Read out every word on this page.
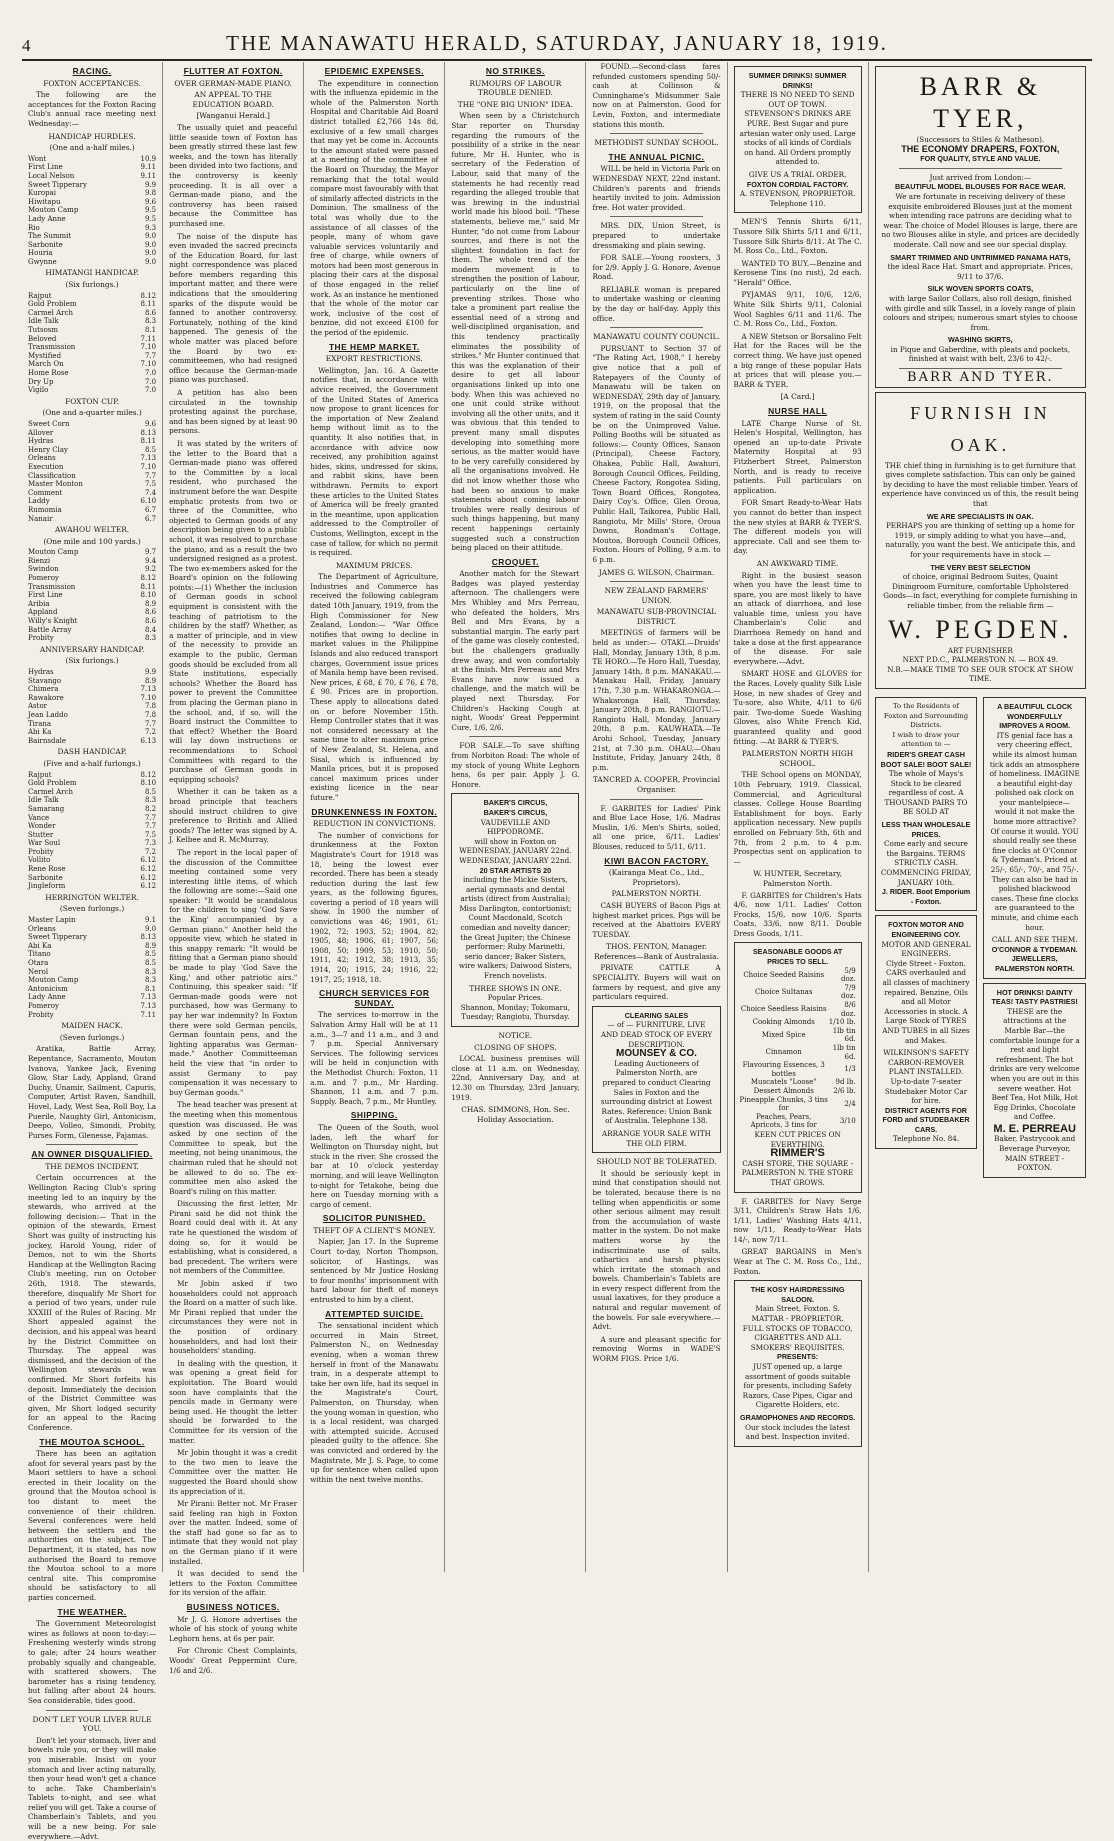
4	THE MANAWATU HERALD, SATURDAY, JANUARY 18, 1919.
RACING.
FOXTON ACCEPTANCES.

The following are the acceptances for the Foxton Racing Club's annual race meeting next Wednesday:—

HANDICAP HURDLES.
(One and a-half miles.)
Wont	10.9
First Line	9.11
Local Nelson	9.11
Sweet Tipperary	9.9
Kuropai	9.8
Hiwitapu	9.6
Mouton Camp	9.5
Lady Anne	9.5
Rio	9.3
The Summit	9.0
Sarbonite	9.0
Houria	9.0
Gwynne	9.0
HIMATANGI HANDICAP.
(Six furlongs.)
Rajput	8.12
Gold Problem	8.11
Carmel Arch	8.6
Idle Talk	8.3
Tutsosm	8.1
Beloved	7.11
Transmission	7.10
Mystified	7.7
March On	7.10
Home Rose	7.0
Dry Up	7.0
Vigilo	7.0
FOXTON CUP.
(One and a-quarter miles.)
Sweet Corn	9.6
Allover	8.13
Hydras	8.11
Henry Clay	8.5
Orleans	7.13
Execution	7.10
Classification	7.7
Master Monton	7.5
Comment	7.4
Laddy	6.10
Rumomia	6.7
Nanair	6.7
AWAHOU WELTER.
(One mile and 100 yards.)
Mouton Camp	9.7
Rienzi	9.4
Swindon	9.2
Pomeroy	8.12
Transmission	8.11
First Line	8.10
Aribia	8.9
Appland	8.6
Willy's Knight	8.6
Battle Array	8.4
Probity	8.3
ANNIVERSARY HANDICAP.
(Six furlongs.)
Hydras	9.9
Stavango	8.9
Chimera	7.13
Rawakore	7.10
Astor	7.8
Jean Laddo	7.8
Tirana	7.7
Abi Ka	7.2
Bairnsdale	6.13
DASH HANDICAP.
(Five and a-half furlongs.)
Rajput	8.12
Gold Problem	8.10
Carmel Arch	8.5
Idle Talk	8.3
Samarang	8.2
Vance	7.7
Wonder	7.7
Stutter	7.5
War Soul	7.3
Probity	7.2
Vollito	6.12
Rene Rose	6.12
Sarbonite	6.12
Jingleform	6.12
HERRINGTON WELTER.
(Seven furlongs.)
Master Lapin	9.1
Orleans	9.0
Sweet Tipperary	8.13
Abi Ka	8.9
Titano	8.5
Otara	8.5
Nerol	8.3
Mouton Camp	8.3
Antonicism	8.1
Lady Anne	7.13
Pomeroy	7.13
Probity	7.11
MAIDEN HACK.
(Seven furlongs.)

Aratika, Battle Array, Repentance, Sacramento, Mouton Ivanova, Yankee Jack, Evening Glow, Star Lady, Appland, Grand Duchy, Unamir, Sailment, Capuris, Computer, Artist Raven, Sandhill, Hovel, Lady, West Sea, Roll Boy, La Puerile, Naughty Girl, Antonicism, Deepo, Volleo, Simondi, Probity, Purses Form, Glenesse, Pajamas.

AN OWNER DISQUALIFIED.
THE DEMOS INCIDENT.

Certain occurrences at the Wellington Racing Club's spring meeting led to an inquiry by the stewards, who arrived at the following decision:— That in the opinion of the stewards, Ernest Short was guilty of instructing his jockey, Harold Young, rider of Demos, not to win the Shorts Handicap at the Wellington Racing Club's meeting, run on October 26th, 1918. The stewards, therefore, disqualify Mr Short for a period of two years, under rule XXXIII of the Rules of Racing. Mr Short appealed against the decision, and his appeal was heard by the District Committee on Thursday. The appeal was dismissed, and the decision of the Wellington stewards was confirmed. Mr Short forfeits his deposit. Immediately the decision of the District Committee was given, Mr Short lodged security for an appeal to the Racing Conference.

THE MOUTOA SCHOOL.

There has been an agitation afoot for several years past by the Maori settlers to have a school erected in their locality on the ground that the Moutoa school is too distant to meet the convenience of their children. Several conferences were held between the settlers and the authorities on the subject. The Department, it is stated, has now authorised the Board to remove the Moutoa school to a more central site. This compromise should be satisfactory to all parties concerned.

THE WEATHER.

The Government Meteorologist wires as follows at noon to-day:— Freshening westerly winds strong to gale; after 24 hours weather probably squally and changeable, with scattered showers. The barometer has a rising tendency, but falling after about 24 hours. Sea considerable, tides good.

DON'T LET YOUR LIVER RULE YOU.

Don't let your stomach, liver and bowels rule you, or they will make you miserable. Insist on your stomach and liver acting naturally, then your head won't get a chance to ache. Take Chamberlain's Tablets to-night, and see what relief you will get. Take a course of Chamberlain's Tablets, and you will be a new being. For sale everywhere.—Advt.

FLUTTER AT FOXTON.
OVER GERMAN-MADE PIANO.
AN APPEAL TO THE EDUCATION BOARD.
[Wanganui Herald.]

The usually quiet and peaceful little seaside town of Foxton has been greatly stirred these last few weeks, and the town has literally been divided into two factions, and the controversy is keenly proceeding. It is all over a German-made piano, and the controversy has been raised because the Committee has purchased one.

The noise of the dispute has even invaded the sacred precincts of the Education Board, for last night correspondence was placed before members regarding this important matter, and there were indications that the smouldering sparks of the dispute would be fanned to another controversy. Fortunately, nothing of the kind happened. The genesis of the whole matter was placed before the Board by two ex-committeemen, who had resigned office because the German-made piano was purchased.

A petition has also been circulated in the township protesting against the purchase, and has been signed by at least 90 persons.

It was stated by the writers of the letter to the Board that a German-made piano was offered to the Committee by a local resident, who purchased the instrument before the war. Despite emphatic protests from two or three of the Committee, who objected to German goods of any description being given to a public school, it was resolved to purchase the piano, and as a result the two undersigned resigned as a protest. The two ex-members asked for the Board's opinion on the following points:—(1) Whether the inclusion of German goods in school equipment is consistent with the teaching of patriotism to the children by the staff? Whether, as a matter of principle, and in view of the necessity to provide an example to the public, German goods should be excluded from all State institutions, especially schools? Whether the Board has power to prevent the Committee from placing the German piano in the school, and, if so, will the Board instruct the Committee to that effect? Whether the Board will lay down instructions or recommendations to School Committees with regard to the purchase of German goods in equipping schools?

Whether it can be taken as a broad principle that teachers should instruct children to give preference to British and Allied goods? The letter was signed by A. J. Kelbee and R. McMurray.

The report in the local paper of the discussion of the Committee meeting contained some very interesting little items, of which the following are some:—Said one speaker: "It would be scandalous for the children to sing 'God Save the King' accompanied by a German piano." Another held the opposite view, which he stated in this snappy remark: "It would be fitting that a German piano should be made to play 'God Save the King,' and other patriotic airs." Continuing, this speaker said: "If German-made goods were not purchased, how was Germany to pay her war indemnity? In Foxton there were sold German pencils, German fountain pens, and the lighting apparatus was German-made." Another Committeeman held the view that "in order to assist Germany to pay compensation it was necessary to buy German goods."

The head teacher was present at the meeting when this momentous question was discussed. He was asked by one section of the Committee to speak, but the meeting, not being unanimous, the chairman ruled that he should not be allowed to do so. The ex-committee men also asked the Board's ruling on this matter.

Discussing the first letter, Mr Pirani said he did not think the Board could deal with it. At any rate he questioned the wisdom of doing so, for it would be establishing, what is considered, a bad precedent. The writers were not members of the Committee.

Mr Jobin asked if two householders could not approach the Board on a matter of such like. Mr Pirani replied that under the circumstances they were not in the position of ordinary householders, and had lost their householders' standing.

In dealing with the question, it was opening a great field for exploitation. The Board would soon have complaints that the pencils made in Germany were being used. He thought the letter should be forwarded to the Committee for its version of the matter.

Mr Jobin thought it was a credit to the two men to leave the Committee over the matter. He suggested the Board should show its appreciation of it.

Mr Pirani: Better not. Mr Fraser said feeling ran high in Foxton over the matter. Indeed, some of the staff had gone so far as to intimate that they would not play on the German piano if it were installed.

It was decided to send the letters to the Foxton Committee for its version of the affair.

BUSINESS NOTICES.

Mr J. G. Honore advertises the whole of his stock of young white Leghorn hens, at 6s per pair.

For Chronic Chest Complaints, Woods' Great Peppermint Cure, 1/6 and 2/6.

EPIDEMIC EXPENSES.

The expenditure in connection with the influenza epidemic in the whole of the Palmerston North Hospital and Charitable Aid Board district totalled £2,766 14s 8d, exclusive of a few small charges that may yet be come in. Accounts to the amount stated were passed at a meeting of the committee of the Board on Thursday, the Mayor remarking that the total would compare most favourably with that of similarly affected districts in the Dominion. The smallness of the total was wholly due to the assistance of all classes of the people, many of whom gave valuable services voluntarily and free of charge, while owners of motors had been most generous in placing their cars at the disposal of those engaged in the relief work. As an instance he mentioned that the whole of the motor car work, inclusive of the cost of benzine, did not exceed £100 for the period of the epidemic.

THE HEMP MARKET.
EXPORT RESTRICTIONS.

Wellington, Jan. 16. A Gazette notifies that, in accordance with advice received, the Government of the United States of America now propose to grant licences for the importation of New Zealand hemp without limit as to the quantity. It also notifies that, in accordance with advice now received, any prohibition against hides, skins, undressed for skins, and rabbit skins, have been withdrawn. Permits to export these articles to the United States of America will be freely granted in the meantime, upon application addressed to the Comptroller of Customs, Wellington, except in the case of tallow, for which no permit is required.

MAXIMUM PRICES.

The Department of Agriculture, Industries and Commerce has received the following cablegram dated 10th January, 1919, from the High Commissioner for New Zealand, London:— "War Office notifies that owing to decline in market values in the Philippine Islands and also reduced transport charges, Government issue prices of Manila hemp have been revised. New prices, £ 68, £ 70, £ 76, £ 78, £ 90. Prices are in proportion. These apply to allocations dated on or before November 15th. Hemp Controller states that it was not considered necessary at the same time to alter maximum price of New Zealand, St. Helena, and Sisal, which is influenced by Manila prices, but it is proposed cancel maximum prices under existing licence in the near future."

DRUNKENNESS IN FOXTON.
REDUCTION IN CONVICTIONS.

The number of convictions for drunkenness at the Foxton Magistrate's Court for 1918 was 18, being the lowest ever recorded. There has been a steady reduction during the last few years, as the following figures, covering a period of 18 years will show. In 1900 the number of convictions was 46; 1901, 61; 1902, 72; 1903, 52; 1904, 82; 1905, 48; 1906, 61; 1907, 56; 1908, 50; 1909, 53; 1910, 50; 1911, 42; 1912, 38; 1913, 35; 1914, 20; 1915, 24; 1916, 22; 1917, 25; 1918, 18.

CHURCH SERVICES FOR SUNDAY.

The services to-morrow in the Salvation Army Hall will be at 11 a.m., 3—7 and 11 a.m., and 3 and 7 p.m. Special Anniversary Services. The following services will be held in conjunction with the Methodist Church: Foxton, 11 a.m. and 7 p.m., Mr Harding. Shannon, 11 a.m. and 7 p.m. Supply. Beach, 7 p.m., Mr Huntley.

SHIPPING.

The Queen of the South, wool laden, left the wharf for Wellington on Thursday night, but stuck in the river. She crossed the bar at 10 o'clock yesterday morning, and will leave Wellington to-night for Tetakohe, being due here on Tuesday morning with a cargo of cement.

SOLICITOR PUNISHED.
THEFT OF A CLIENT'S MONEY.

Napier, Jan 17. In the Supreme Court to-day, Norton Thompson, solicitor, of Hastings, was sentenced by Mr Justice Hosking to four months' imprisonment with hard labour for theft of moneys entrusted to him by a client.

ATTEMPTED SUICIDE.

The sensational incident which occurred in Main Street, Palmerston N., on Wednesday evening, when a woman threw herself in front of the Manawatu train, in a desperate attempt to take her own life, had its sequel in the Magistrate's Court, Palmerston, on Thursday, when the young woman in question, who is a local resident, was charged with attempted suicide. Accused pleaded guilty to the offence. She was convicted and ordered by the Magistrate, Mr J. S. Page, to come up for sentence when called upon within the next twelve months.

NO STRIKES.
RUMOURS OF LABOUR TROUBLE DENIED.
THE "ONE BIG UNION" IDEA.

When seen by a Christchurch Star reporter on Thursday regarding the rumours of the possibility of a strike in the near future, Mr H. Hunter, who is secretary of the Federation of Labour, said that many of the statements he had recently read regarding the alleged trouble that was brewing in the industrial world made his blood boil. "These statements, believe me," said Mr Hunter, "do not come from Labour sources, and there is not the slightest foundation in fact for them. The whole trend of the modern movement is to strengthen the position of Labour, particularly on the line of preventing strikes. Those who take a prominent part realise the essential need of a strong and well-disciplined organisation, and this tendency practically eliminates the possibility of strikes." Mr Hunter continued that this was the explanation of their desire to get all labour organisations linked up into one body. When this was achieved no one unit could strike without involving all the other units, and it was obvious that this tended to prevent many small disputes developing into something more serious, as the matter would have to be very carefully considered by all the organisations involved. He did not know whether those who had been so anxious to make statements about coming labour troubles were really desirous of such things happening, but many recent happenings certainly suggested such a construction being placed on their attitude.

CROQUET.

Another match for the Stewart Badges was played yesterday afternoon. The challengers were Mrs Whibley and Mrs Perreau, who defeated the holders, Mrs Bell and Mrs Evans, by a substantial margin. The early part of the game was closely contested, but the challengers gradually drew away, and won comfortably at the finish. Mrs Perreau and Mrs Evans have now issued a challenge, and the match will be played next Thursday. For Children's Hacking Cough at night, Woods' Great Peppermint Cure, 1/6, 2/6.

FOR SALE.—To save shifting from Norbiton Road: The whole of my stock of young White Leghorn hens, 6s per pair. Apply J. G. Honore.

BAKER'S CIRCUS,
BAKER'S CIRCUS,
VAUDEVILLE AND HIPPODROME.
will show in Foxton on
WEDNESDAY, JANUARY 22nd. WEDNESDAY, JANUARY 22nd.
20 STAR ARTISTS 20

including the Mickie Sisters, aerial gymnasts and dental artists (direct from Australia); Miss Darlington, contortionist; Count Macdonald, Scotch comedian and novelty dancer; the Great Jupiter; the Chinese performer; Ruby Marinetti, serio dancer; Baker Sisters, wire walkers; Daiwood Sisters, French novelists.

THREE SHOWS IN ONE.
Popular Prices.
Shannon, Monday; Tokomaru, Tuesday; Rangiotu, Thursday.
NOTICE.
CLOSING OF SHOPS.

LOCAL business premises will close at 11 a.m. on Wednesday, 22nd, Anniversary Day, and at 12.30 on Thursday, 23rd January, 1919.

CHAS. SIMMONS, Hon. Sec. Holiday Association.

FOUND.—Second-class fares refunded customers spending 50/- cash at Collinson & Cunninghame's Midsummer Sale now on at Palmerston. Good for Levin, Foxton, and intermediate stations this month.

METHODIST SUNDAY SCHOOL.
THE ANNUAL PICNIC.

WILL be held in Victoria Park on WEDNESDAY NEXT, 22nd instant. Children's parents and friends heartily invited to join. Admission free. Hot water provided.

MRS. DIX, Union Street, is prepared to undertake dressmaking and plain sewing.

FOR SALE.—Young roosters, 3 for 2/9. Apply J. G. Honore, Avenue Road.

RELIABLE woman is prepared to undertake washing or cleaning by the day or half-day. Apply this office.

MANAWATU COUNTY COUNCIL.

PURSUANT to Section 37 of "The Rating Act, 1908," I hereby give notice that a poll of Ratepayers of the County of Manawatu will be taken on WEDNESDAY, 29th day of January, 1919, on the proposal that the system of rating in the said County be on the Unimproved Value. Polling Booths will be situated as follows:— County Offices, Sanson (Principal), Cheese Factory, Ohakea, Public Hall, Awahuri, Borough Council Offices, Feilding, Cheese Factory, Rongotea Siding, Town Board Offices, Rongotea, Dairy Coy's. Office, Glen Oroua, Public Hall, Taikorea, Public Hall, Rangiotu, Mr Mills' Store, Oroua Downs, Roadman's Cottage, Moutoa, Borough Council Offices, Foxton. Hours of Polling, 9 a.m. to 6 p.m.

JAMES G. WILSON, Chairman.
NEW ZEALAND FARMERS' UNION.
MANAWATU SUB-PROVINCIAL DISTRICT.

MEETINGS of farmers will be held as under:— OTAKI.—Druids' Hall, Monday, January 13th, 8 p.m. TE HORO.—Te Horo Hall, Tuesday, January 14th, 8 p.m. MANAKAU.—Manakau Hall, Friday, January 17th, 7.30 p.m. WHAKARONGA.—Whakaronga Hall, Thursday, January 20th, 8 p.m. RANGIOTU.—Rangiotu Hall, Monday, January 20th, 8 p.m. KAUWHATA.—Te Arohi School, Tuesday, January 21st, at 7.30 p.m. OHAU.—Ohau Institute, Friday, January 24th, 8 p.m.

TANCRED A. COOPER, Provincial Organiser.

F. GARBITES for Ladies' Pink and Blue Lace Hose, 1/6. Madras Muslin, 1/6. Men's Shirts, soiled, all one price, 6/11. Ladies' Blouses, reduced to 5/11, 6/11.

KIWI BACON FACTORY.
(Kairanga Meat Co., Ltd., Proprietors).
PALMERSTON NORTH.

CASH BUYERS of Bacon Pigs at highest market prices. Pigs will be received at the Abattoirs EVERY TUESDAY.

THOS. FENTON, Manager. References—Bank of Australasia.

PRIVATE CATTLE A SPECIALITY. Buyers will wait on farmers by request, and give any particulars required.

CLEARING SALES
— of — FURNITURE, LIVE AND DEAD STOCK OF EVERY DESCRIPTION.
MOUNSEY & CO.

Leading Auctioneers of Palmerston North, are prepared to conduct Clearing Sales in Foxton and the surrounding district at Lowest Rates. Reference: Union Bank of Australia. Telephone 138.

ARRANGE YOUR SALE WITH THE OLD FIRM.
SHOULD NOT BE TOLERATED.

It should be seriously kept in mind that constipation should not be tolerated, because there is no telling when appendicitis or some other serious ailment may result from the accumulation of waste matter in the system. Do not make matters worse by the indiscriminate use of salts, cathartics and harsh physics which irritate the stomach and bowels. Chamberlain's Tablets are in every respect different from the usual laxatives, for they produce a natural and regular movement of the bowels. For sale everywhere.—Advt.

A sure and pleasant specific for removing Worms in WADE'S WORM FIGS. Price 1/6.

SUMMER DRINKS! SUMMER DRINKS!

THERE IS NO NEED TO SEND OUT OF TOWN. STEVENSON'S DRINKS ARE PURE. Best Sugar and pure artesian water only used. Large stocks of all kinds of Cordials on hand. All Orders promptly attended to.

GIVE US A TRIAL ORDER.
FOXTON CORDIAL FACTORY.
A. STEVENSON, PROPRIETOR. Telephone 110.

MEN'S Tennis Shirts 6/11, Tussore Silk Shirts 5/11 and 6/11, Tussore Silk Shirts 8/11. At The C. M. Ross Co., Ltd., Foxton.

WANTED TO BUY.—Benzine and Kerosene Tins (no rust), 2d each. "Herald" Office.

PYJAMAS 9/11, 10/6, 12/6, White Silk Shirts 9/11, Colonial Wool Sagbles 6/11 and 11/6. The C. M. Ross Co., Ltd., Foxton.

A NEW Stetson or Borsalino Felt Hat for the Races will be the correct thing. We have just opened a big range of these popular Hats at prices that will please you.—BARR & TYER.

[A Card.]
NURSE HALL

LATE Charge Nurse of St. Helen's Hospital, Wellington, has opened an up-to-date Private Maternity Hospital at 93 Fitzherbert Street, Palmerston North, and is ready to receive patients. Full particulars on application.

FOR Smart Ready-to-Wear Hats you cannot do better than inspect the new styles at BARR & TYER'S. The different models you will appreciate. Call and see them to-day.

AN AWKWARD TIME.

Right in the busiest season when you have the least time to spare, you are most likely to have an attack of diarrhoea, and lose valuable time, unless you have Chamberlain's Colic and Diarrhoea Remedy on hand and take a dose at the first appearance of the disease. For sale everywhere.—Advt.

SMART HOSE and GLOVES for the Races. Lovely quality Silk Lisle Hose, in new shades of Grey and Tu-sore, also White, 4/11 to 6/6 pair. Two-dome Suede Washing Gloves, also White French Kid, guaranteed quality and good fitting. —At BARR & TYER'S.

PALMERSTON NORTH HIGH SCHOOL.

THE School opens on MONDAY, 10th February, 1919. Classical, Commercial, and Agricultural classes. College House Boarding Establishment for boys. Early application necessary. New pupils enrolled on February 5th, 6th and 7th, from 2 p.m. to 4 p.m. Prospectus sent on application to—

W. HUNTER, Secretary, Palmerston North.

F. GARBITES for Children's Hats 4/6, now 1/11. Ladies' Cotton Frocks, 15/6, now 10/6. Sports Coats, 33/6, now 8/11. Double Dress Goods, 1/11.

SEASONABLE GOODS AT PRICES TO SELL.
Choice Seeded Raisins	5/9 doz.
Choice Sultanas	7/9 doz.
Choice Seedless Raisins	8/6 doz.
Cooking Almonds	1/10 lb.
Mixed Spice	1lb tin 6d.
Cinnamon	1lb tin 6d.
Flavouring Essences, 3 bottles	1/3
Muscatels "Loose"	9d lb.
Dessert Almonds	2/6 lb.
Pineapple Chunks, 3 tins for	2/4
Peaches, Pears, Apricots, 3 tins for	3/10
KEEN CUT PRICES ON EVERYTHING.
RIMMER'S
CASH STORE, THE SQUARE - PALMERSTON N. THE STORE THAT GROWS.

F. GARBITES for Navy Serge 3/11, Children's Straw Hats 1/6, 1/11, Ladies' Washing Hats 4/11, now 1/11, Ready-to-Wear Hats 14/-, now 7/11.

GREAT BARGAINS in Men's Wear at The C. M. Ross Co., Ltd., Foxton.

THE KOSY HAIRDRESSING SALOON.
Main Street, Foxton. S. MATTAR - PROPRIETOR.
FULL STOCKS OF TOBACCO, CIGARETTES AND ALL SMOKERS' REQUISITES.
PRESENTS:

JUST opened up, a large assortment of goods suitable for presents, including Safety Razors, Case Pipes, Cigar and Cigarette Holders, etc.

GRAMOPHONES AND RECORDS.
Our stock includes the latest and best. Inspection invited.
BARR & TYER,
(Successors to Stiles & Matheson).
THE ECONOMY DRAPERS, FOXTON,
FOR QUALITY, STYLE AND VALUE.
Just arrived from London:—
BEAUTIFUL MODEL BLOUSES FOR RACE WEAR.

We are fortunate in receiving delivery of these exquisite embroidered Blouses just at the moment when intending race patrons are deciding what to wear. The choice of Model Blouses is large, there are no two Blouses alike in style, and prices are decidedly moderate. Call now and see our special display.

SMART TRIMMED AND UNTRIMMED PANAMA HATS,

the ideal Race Hat. Smart and appropriate. Prices, 9/11 to 37/6.

SILK WOVEN SPORTS COATS,

with large Sailor Collars, also roll design, finished with girdle and silk Tassel, in a lovely range of plain colours and stripes; numerous smart styles to choose from.

WASHING SKIRTS,

in Pique and Gaberdine, with pleats and pockets, finished at waist with belt, 23/6 to 42/-.

BARR AND TYER.
FURNISH IN OAK.

THE chief thing in furnishing is to get furniture that gives complete satisfaction. This can only be gained by deciding to have the most reliable timber. Years of experience have convinced us of this, the result being that

WE ARE SPECIALISTS IN OAK.

PERHAPS you are thinking of setting up a home for 1919, or simply adding to what you have—and, naturally, you want the best. We anticipate this, and for your requirements have in stock —

THE VERY BEST SELECTION

of choice, original Bedroom Suites, Quaint Diningroom Furniture, comfortable Upholstered Goods—in fact, everything for complete furnishing in reliable timber, from the reliable firm —

W. PEGDEN.
ART FURNISHER
NEXT P.D.C., PALMERSTON N. — BOX 49.
N.B.—MAKE TIME TO SEE OUR STOCK AT SHOW TIME.
To the Residents of Foxton and Surrounding Districts.
I wish to draw your attention to —
RIDER'S GREAT CASH BOOT SALE! BOOT SALE!

The whole of Mays's Stock to be cleared regardless of cost. A THOUSAND PAIRS TO BE SOLD AT

LESS THAN WHOLESALE PRICES.
Come early and secure the Bargains. TERMS STRICTLY CASH.
COMMENCING FRIDAY, JANUARY 10th.
J. RIDER. Boot Emporium - Foxton.
FOXTON MOTOR AND ENGINEERING COY.
MOTOR AND GENERAL ENGINEERS.
Clyde Street - Foxton.

CARS overhauled and all classes of machinery repaired. Benzine, Oils and all Motor Accessories in stock. A Large Stock of TYRES AND TUBES in all Sizes and Makes.

WILKINSON'S SAFETY CARBON-REMOVER PLANT INSTALLED.
Up-to-date 7-seater Studebaker Motor Car for hire.
DISTRICT AGENTS FOR FORD and STUDEBAKER CARS.
Telephone No. 84.
A BEAUTIFUL CLOCK WONDERFULLY IMPROVES A ROOM.

ITS genial face has a very cheering effect, while its almost human tick adds an atmosphere of homeliness. IMAGINE a beautiful eight-day polished oak clock on your mantelpiece—would it not make the home more attractive? Of course it would. YOU should really see these fine clocks at O'Connor & Tydeman's. Priced at 25/-, 65/-, 70/-, and 75/-. They can also be had in polished blackwood cases. These fine clocks are guaranteed to the minute, and chime each hour.

CALL AND SEE THEM.
O'CONNOR & TYDEMAN. JEWELLERS, PALMERSTON NORTH.
HOT DRINKS! DAINTY TEAS! TASTY PASTRIES!

THESE are the attractions at the Marble Bar—the comfortable lounge for a rest and light refreshment. The hot drinks are very welcome when you are out in this severe weather. Hot Beef Tea, Hot Milk, Hot Egg Drinks, Chocolate and Coffee.

M. E. PERREAU
Baker, Pastrycook and Beverage Purveyor, MAIN STREET - FOXTON.
